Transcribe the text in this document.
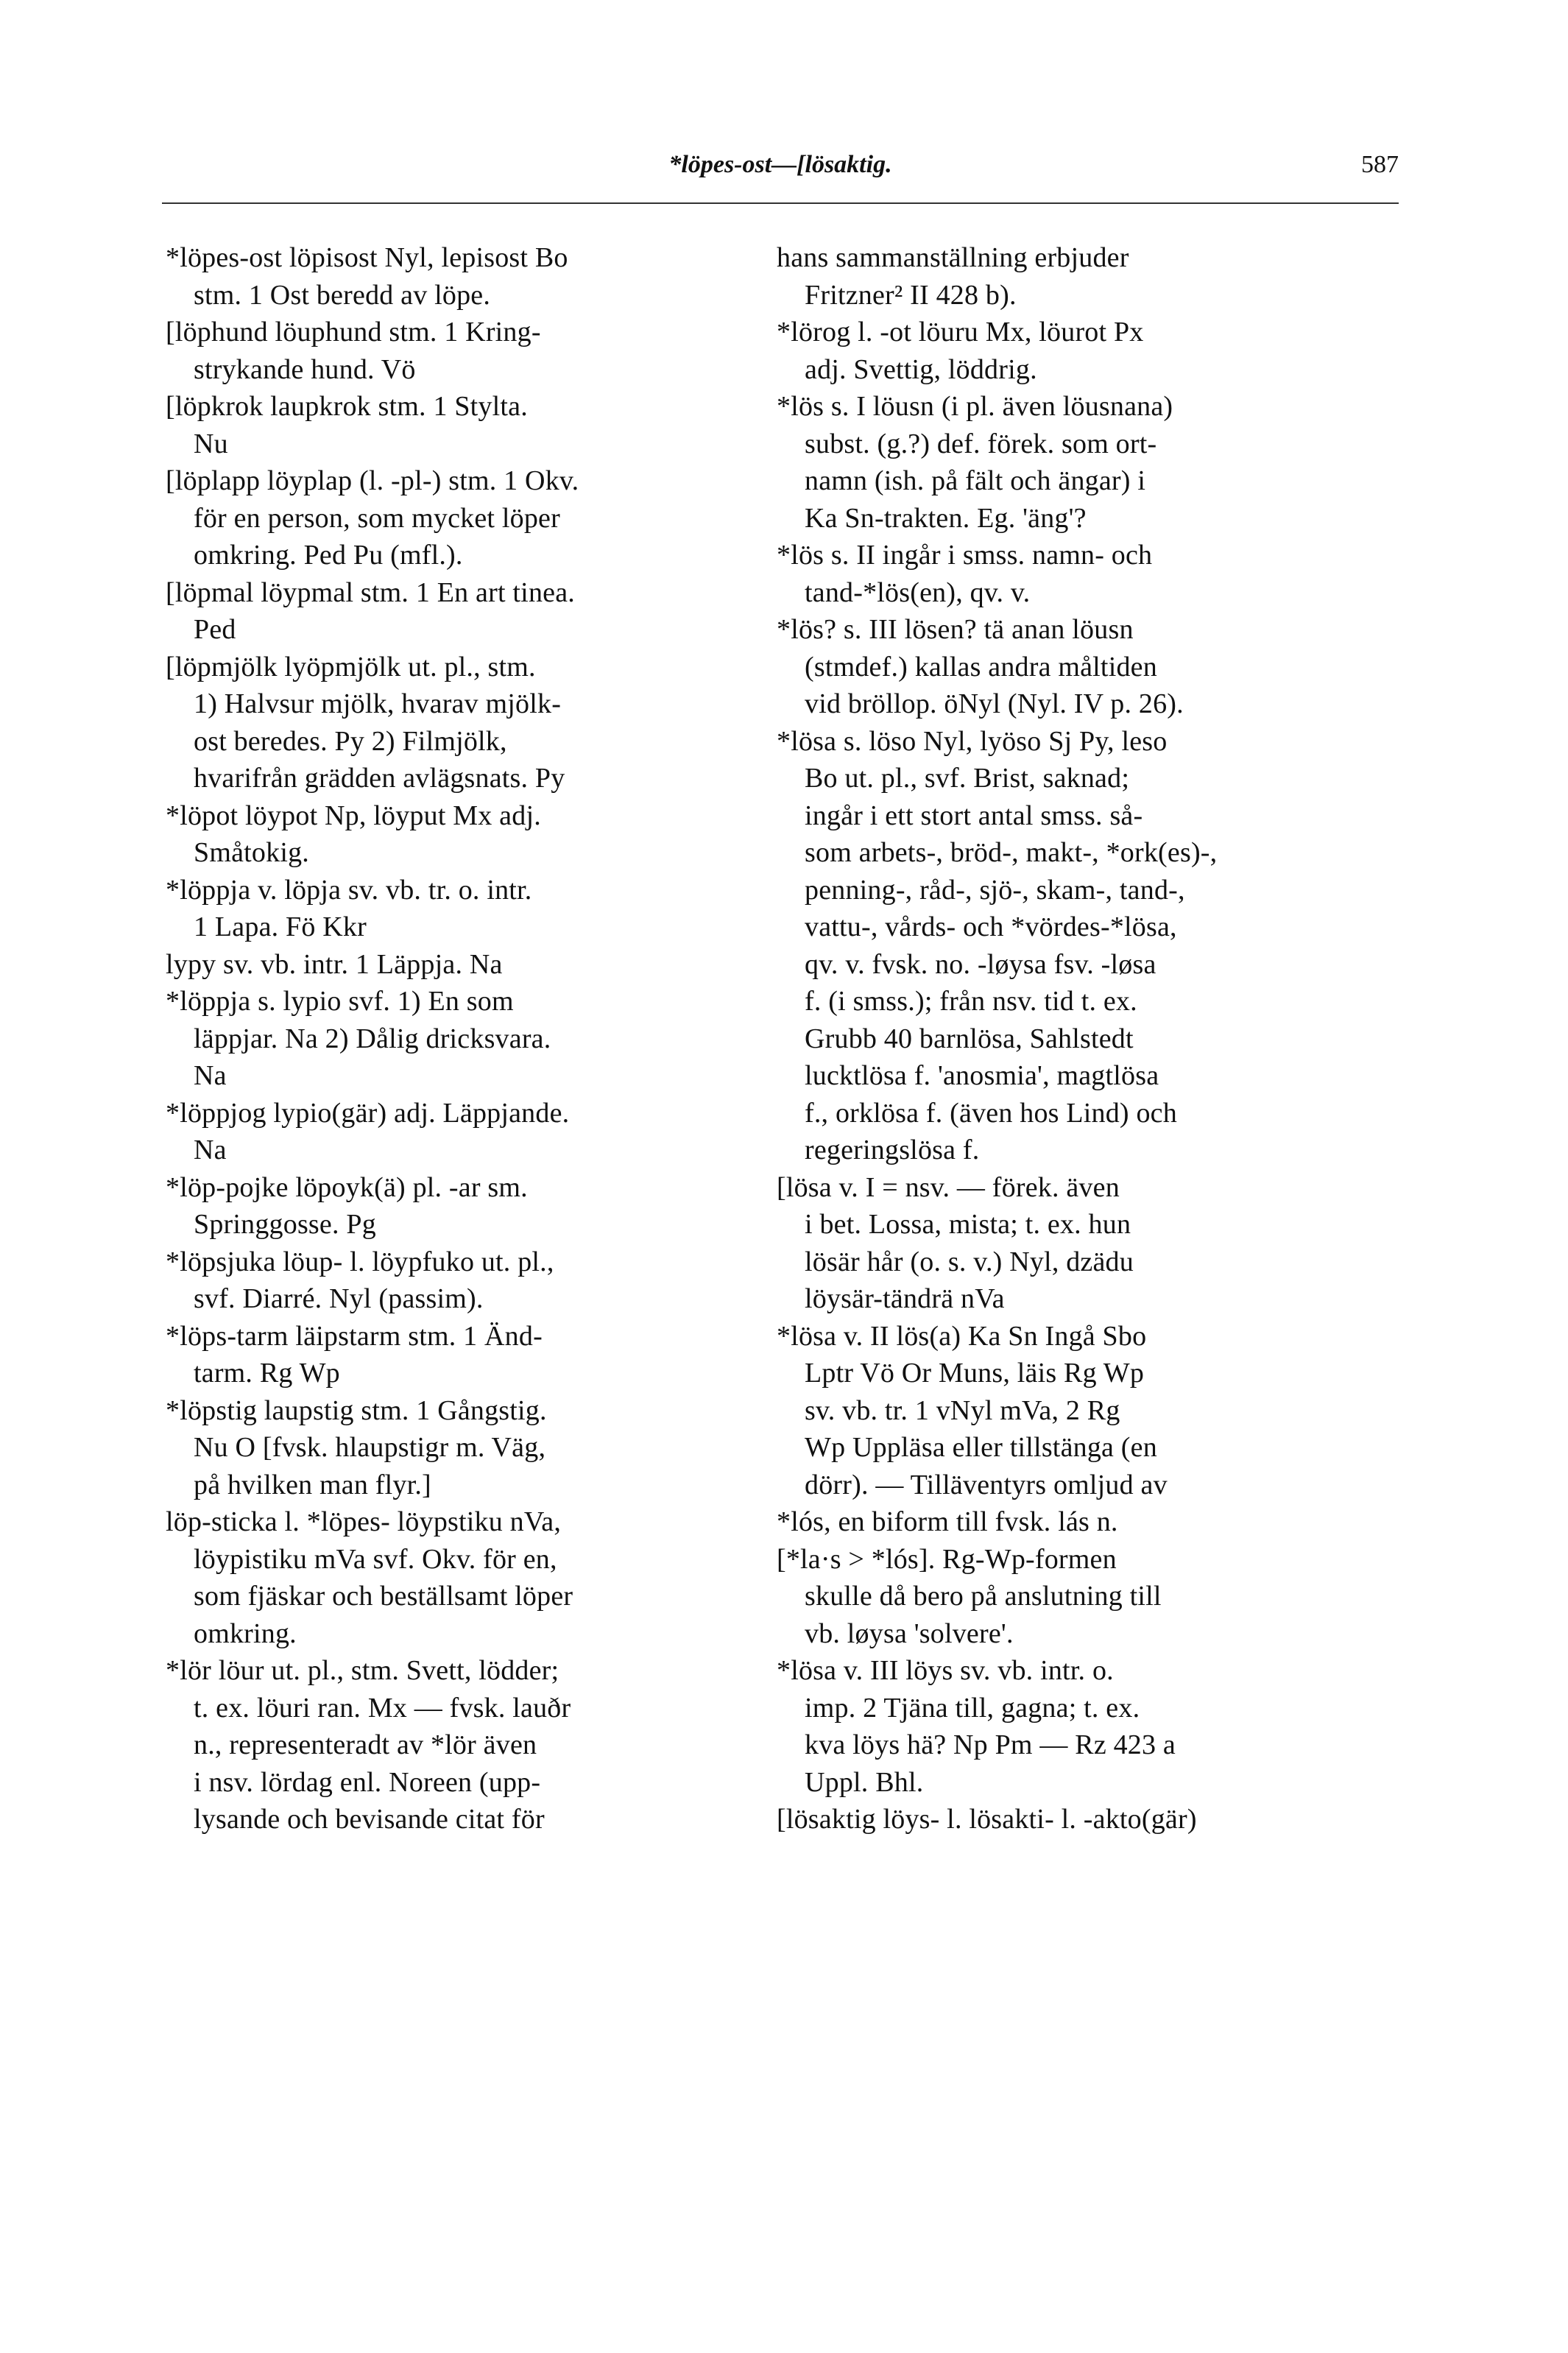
*löpes-ost—[lösaktig.	587
*löpes-ost löpisost Nyl, lepisost Bo
stm. 1 Ost beredd av löpe.
[löphund löuphund stm. 1 Kring-
strykande hund. Vö
[löpkrok laupkrok stm. 1 Stylta.
Nu
[löplapp löyplap (l. -pl-) stm. 1 Okv.
för en person, som mycket löper
omkring. Ped Pu (mfl.).
[löpmal löypmal stm. 1 En art tinea.
Ped
[löpmjölk lyöpmjölk ut. pl., stm.
1) Halvsur mjölk, hvarav mjölk-
ost beredes. Py 2) Filmjölk,
hvarifrån grädden avlägsnats. Py
*löpot löypot Np, löyput Mx adj.
Småtokig.
*löppja v. löpja sv. vb. tr. o. intr.
1 Lapa. Fö Kkr
lypy sv. vb. intr. 1 Läppja. Na
*löppja s. lypio svf. 1) En som
läppjar. Na 2) Dålig dricksvara.
Na
*löppjog lypio(gär) adj. Läppjande.
Na
*löp-pojke löpoyk(ä) pl. -ar sm.
Springgosse. Pg
*löpsjuka löup- l. löypfuko ut. pl.,
svf. Diarré. Nyl (passim).
*löps-tarm läipstarm stm. 1 Änd-
tarm. Rg Wp
*löpstig laupstig stm. 1 Gångstig.
Nu O [fvsk. hlaupstigr m. Väg,
på hvilken man flyr.]
löp-sticka l. *löpes- löypstiku nVa,
löypistiku mVa svf. Okv. för en,
som fjäskar och beställsamt löper
omkring.
*lör löur ut. pl., stm. Svett, lödder;
t. ex. löuri ran. Mx — fvsk. lauðr
n., representeradt av *lör även
i nsv. lördag enl. Noreen (upp-
lysande och bevisande citat för
hans sammanställning erbjuder
Fritzner² II 428 b).
*lörog l. -ot löuru Mx, löurot Px
adj. Svettig, löddrig.
*lös s. I löusn (i pl. även löusnana)
subst. (g.?) def. förek. som ort-
namn (ish. på fält och ängar) i
Ka Sn-trakten. Eg. 'äng'?
*lös s. II ingår i smss. namn- och
tand-*lös(en), qv. v.
*lös? s. III lösen? tä anan löusn
(stmdef.) kallas andra måltiden
vid bröllop. öNyl (Nyl. IV p. 26).
*lösa s. löso Nyl, lyöso Sj Py, leso
Bo ut. pl., svf. Brist, saknad;
ingår i ett stort antal smss. så-
som arbets-, bröd-, makt-, *ork(es)-,
penning-, råd-, sjö-, skam-, tand-,
vattu-, vårds- och *vördes-*lösa,
qv. v. fvsk. no. -løysa fsv. -løsa
f. (i smss.); från nsv. tid t. ex.
Grubb 40 barnlösa, Sahlstedt
lucktlösa f. 'anosmia', magtlösa
f., orklösa f. (även hos Lind) och
regeringslösa f.
[lösa v. I = nsv. — förek. även
i bet. Lossa, mista; t. ex. hun
lösär hår (o. s. v.) Nyl, dzädu
löysär-tändrä nVa
*lösa v. II lös(a) Ka Sn Ingå Sbo
Lptr Vö Or Muns, läis Rg Wp
sv. vb. tr. 1 vNyl mVa, 2 Rg
Wp Uppläsa eller tillstänga (en
dörr). — Tilläventyrs omljud av
*lós, en biform till fvsk. lás n.
[*la·s > *lós]. Rg-Wp-formen
skulle då bero på anslutning till
vb. løysa 'solvere'.
*lösa v. III löys sv. vb. intr. o.
imp. 2 Tjäna till, gagna; t. ex.
kva löys hä? Np Pm — Rz 423 a
Uppl. Bhl.
[lösaktig löys- l. lösakti- l. -akto(gär)
